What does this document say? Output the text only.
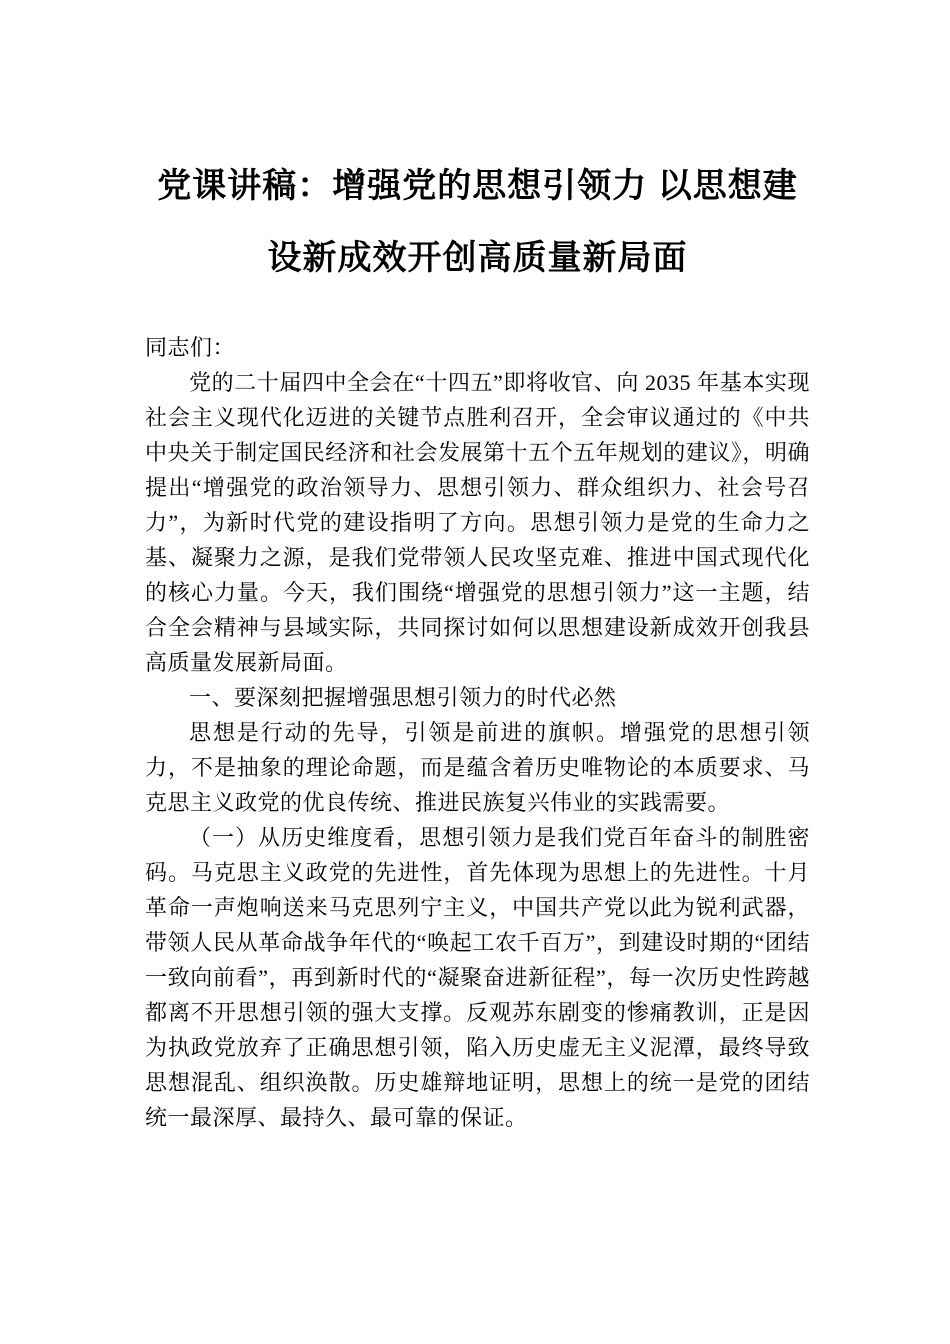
党课讲稿：增强党的思想引领力 以思想建
设新成效开创高质量新局面

同志们：

党的二十届四中全会在“十四五”即将收官、向 2035 年基本实现社会主义现代化迈进的关键节点胜利召开，全会审议通过的《中共中央关于制定国民经济和社会发展第十五个五年规划的建议》，明确提出“增强党的政治领导力、思想引领力、群众组织力、社会号召力”，为新时代党的建设指明了方向。思想引领力是党的生命力之基、凝聚力之源，是我们党带领人民攻坚克难、推进中国式现代化的核心力量。今天，我们围绕“增强党的思想引领力”这一主题，结合全会精神与县域实际，共同探讨如何以思想建设新成效开创我县高质量发展新局面。

一、要深刻把握增强思想引领力的时代必然

思想是行动的先导，引领是前进的旗帜。增强党的思想引领力，不是抽象的理论命题，而是蕴含着历史唯物论的本质要求、马克思主义政党的优良传统、推进民族复兴伟业的实践需要。

（一）从历史维度看，思想引领力是我们党百年奋斗的制胜密码。马克思主义政党的先进性，首先体现为思想上的先进性。十月革命一声炮响送来马克思列宁主义，中国共产党以此为锐利武器，带领人民从革命战争年代的“唤起工农千百万”，到建设时期的“团结一致向前看”，再到新时代的“凝聚奋进新征程”，每一次历史性跨越都离不开思想引领的强大支撑。反观苏东剧变的惨痛教训，正是因为执政党放弃了正确思想引领，陷入历史虚无主义泥潭，最终导致思想混乱、组织涣散。历史雄辩地证明，思想上的统一是党的团结统一最深厚、最持久、最可靠的保证。
